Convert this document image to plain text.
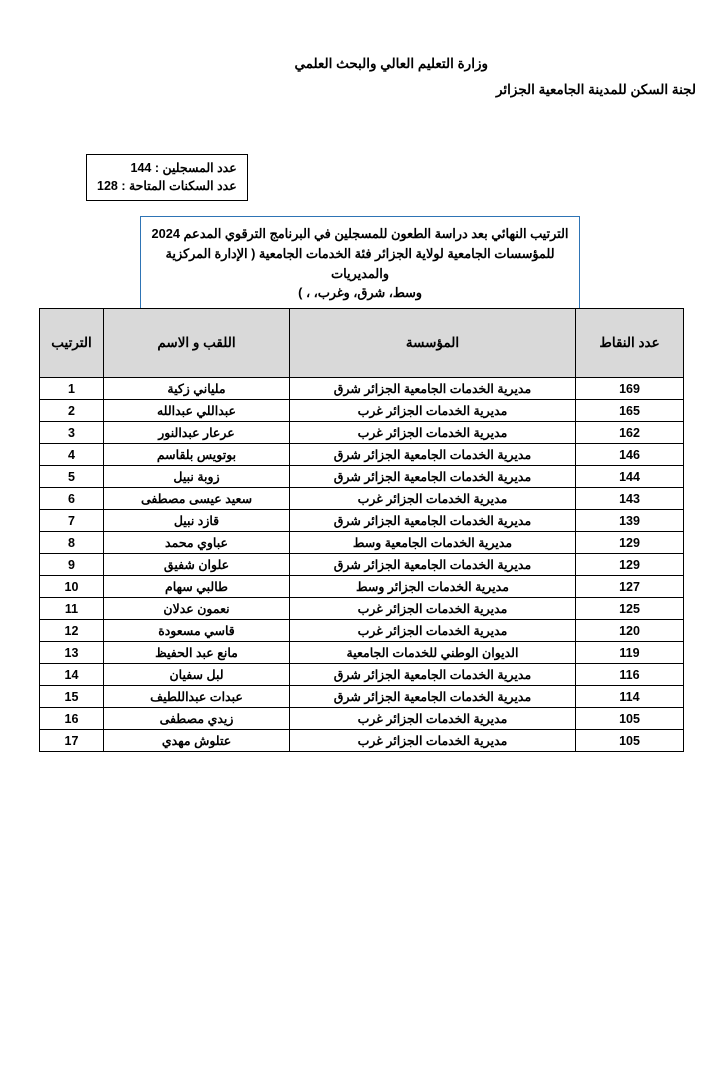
وزارة التعليم العالي والبحث العلمي
لجنة السكن للمدينة الجامعية الجزائر
عدد المسجلين : 144
عدد السكنات المتاحة : 128

الترتيب النهائي بعد دراسة الطعون للمسجلين في البرنامج الترقوي المدعم 2024

للمؤسسات الجامعية لولاية الجزائر فئة الخدمات الجامعية ( الإدارة المركزية والمديريات

وسط، شرق، وغرب، ، )

عدد النقاط	المؤسسة	اللقب و الاسم	الترتيب
169	مديرية الخدمات الجامعية الجزائر شرق	ملياني زكية	1
165	مديرية الخدمات الجزائر غرب	عبداللي عبدالله	2
162	مديرية الخدمات الجزائر غرب	عرعار عبدالنور	3
146	مديرية الخدمات الجامعية الجزائر شرق	بوتويس بلقاسم	4
144	مديرية الخدمات الجامعية الجزائر شرق	زوبة نبيل	5
143	مديرية الخدمات الجزائر غرب	سعيد عيسى مصطفى	6
139	مديرية الخدمات الجامعية الجزائر شرق	قازد نبيل	7
129	مديرية الخدمات الجامعية وسط	عباوي محمد	8
129	مديرية الخدمات الجامعية الجزائر شرق	علوان شفيق	9
127	مديرية الخدمات الجزائر وسط	طالبي سهام	10
125	مديرية الخدمات الجزائر غرب	نعمون عدلان	11
120	مديرية الخدمات الجزائر غرب	قاسي مسعودة	12
119	الديوان الوطني للخدمات الجامعية	مانع عبد الحفيظ	13
116	مديرية الخدمات الجامعية الجزائر شرق	لبل سفيان	14
114	مديرية الخدمات الجامعية الجزائر شرق	عبدات عبداللطيف	15
105	مديرية الخدمات الجزائر غرب	زيدي مصطفى	16
105	مديرية الخدمات الجزائر غرب	عتلوش مهدي	17
